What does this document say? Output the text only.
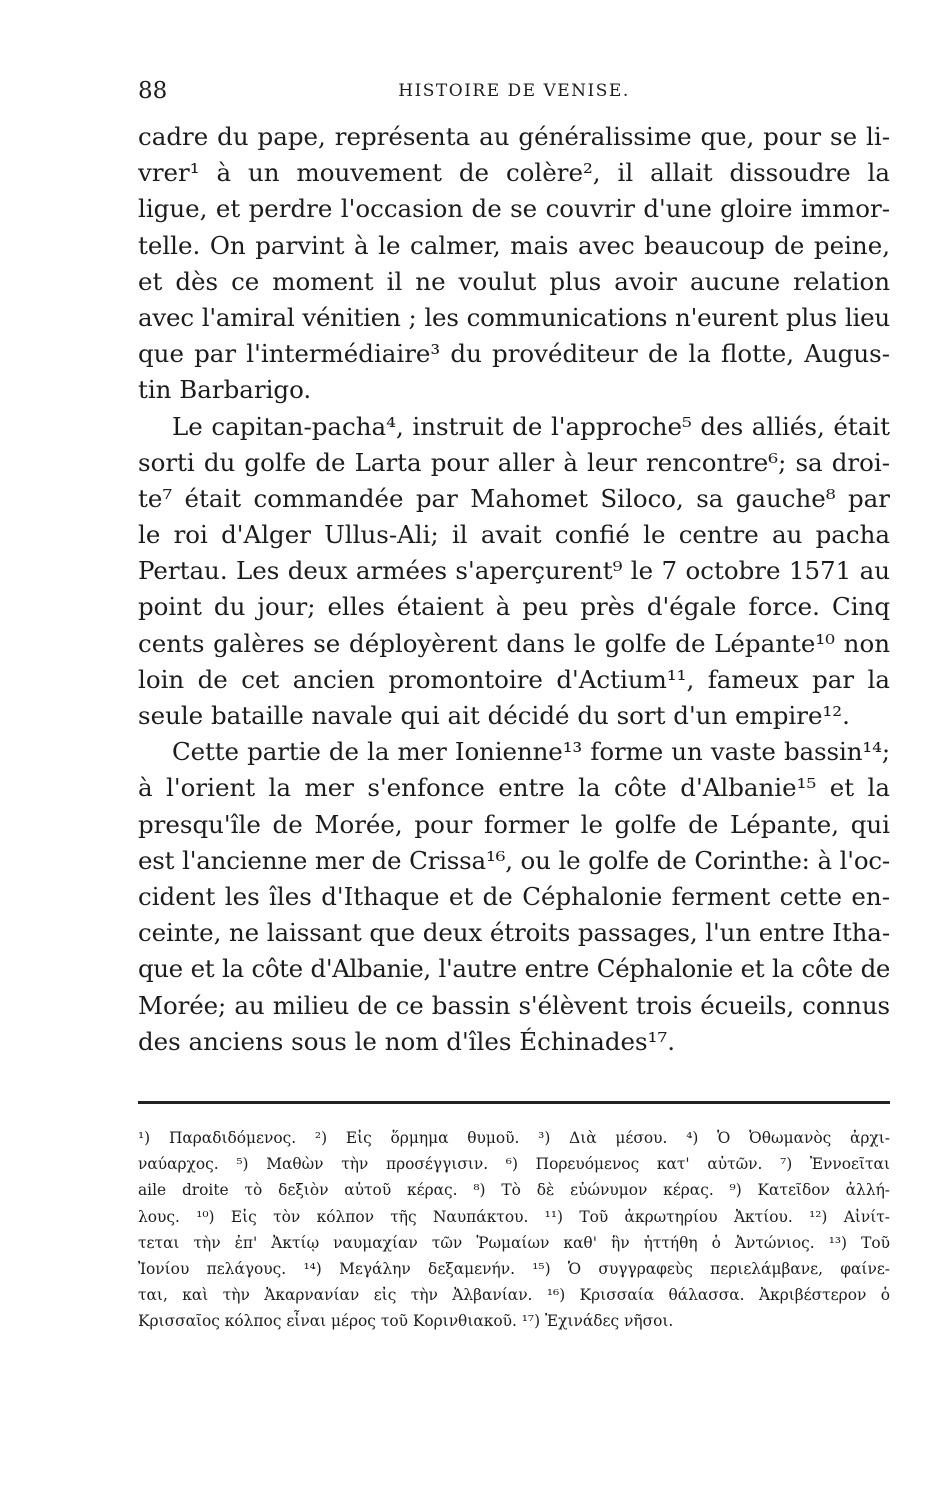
88	HISTOIRE DE VENISE.
cadre du pape, représenta au généralissime que, pour se li-
vrer¹ à un mouvement de colère², il allait dissoudre la
ligue, et perdre l'occasion de se couvrir d'une gloire immor-
telle. On parvint à le calmer, mais avec beaucoup de peine,
et dès ce moment il ne voulut plus avoir aucune relation
avec l'amiral vénitien ; les communications n'eurent plus lieu
que par l'intermédiaire³ du provéditeur de la flotte, Augus-
tin Barbarigo.
Le capitan-pacha⁴, instruit de l'approche⁵ des alliés, était
sorti du golfe de Larta pour aller à leur rencontre⁶; sa droi-
te⁷ était commandée par Mahomet Siloco, sa gauche⁸ par
le roi d'Alger Ullus-Ali; il avait confié le centre au pacha
Pertau. Les deux armées s'aperçurent⁹ le 7 octobre 1571 au
point du jour; elles étaient à peu près d'égale force. Cinq
cents galères se déployèrent dans le golfe de Lépante¹⁰ non
loin de cet ancien promontoire d'Actium¹¹, fameux par la
seule bataille navale qui ait décidé du sort d'un empire¹².
Cette partie de la mer Ionienne¹³ forme un vaste bassin¹⁴;
à l'orient la mer s'enfonce entre la côte d'Albanie¹⁵ et la
presqu'île de Morée, pour former le golfe de Lépante, qui
est l'ancienne mer de Crissa¹⁶, ou le golfe de Corinthe: à l'oc-
cident les îles d'Ithaque et de Céphalonie ferment cette en-
ceinte, ne laissant que deux étroits passages, l'un entre Itha-
que et la côte d'Albanie, l'autre entre Céphalonie et la côte de
Morée; au milieu de ce bassin s'élèvent trois écueils, connus
des anciens sous le nom d'îles Échinades¹⁷.
¹) Παραδιδόμενος. ²) Εἰς ὅρμημα θυμοῦ. ³) Διὰ μέσου. ⁴) Ὁ Ὀθωμανὸς ἀρχι-
ναύαρχος. ⁵) Μαθὼν τὴν προσέγγισιν. ⁶) Πορευόμενος κατ' αὐτῶν. ⁷) Ἐννοεῖται
aile droite τὸ δεξιὸν αὐτοῦ κέρας. ⁸) Τὸ δὲ εὐώνυμον κέρας. ⁹) Κατεῖδον ἀλλή-
λους. ¹⁰) Εἰς τὸν κόλπον τῆς Ναυπάκτου. ¹¹) Τοῦ ἀκρωτηρίου Ἀκτίου. ¹²) Αἰνίτ-
τεται τὴν ἐπ' Ἀκτίῳ ναυμαχίαν τῶν Ῥωμαίων καθ' ἣν ἡττήθη ὁ Ἀντώνιος. ¹³) Τοῦ
Ἰονίου πελάγους. ¹⁴) Μεγάλην δεξαμενήν. ¹⁵) Ὁ συγγραφεὺς περιελάμβανε, φαίνε-
ται, καὶ τὴν Ἀκαρνανίαν εἰς τὴν Ἀλβανίαν. ¹⁶) Κρισσαία θάλασσα. Ἀκριβέστερον ὁ
Κρισσαῖος κόλπος εἶναι μέρος τοῦ Κορινθιακοῦ. ¹⁷) Ἐχινάδες νῆσοι.
